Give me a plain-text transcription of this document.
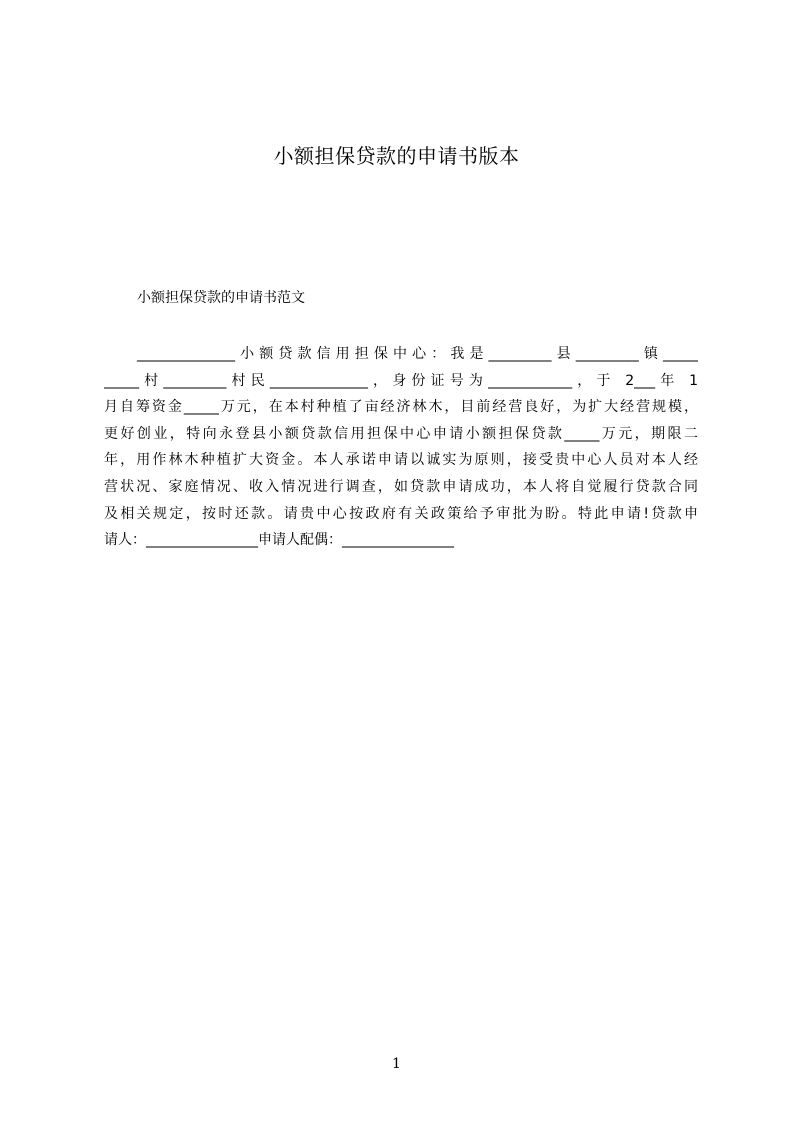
小额担保贷款的申请书版本
小额担保贷款的申请书范文
______________小额贷款信用担保中心：我是_________县_________镇_____
_____村_________村民______________，身份证号为____________，于 2___年 1
月自筹资金_____万元，在本村种植了亩经济林木，目前经营良好，为扩大经营规模，
更好创业，特向永登县小额贷款信用担保中心申请小额担保贷款_____万元，期限二
年，用作林木种植扩大资金。本人承诺申请以诚实为原则，接受贵中心人员对本人经
营状况、家庭情况、收入情况进行调查，如贷款申请成功，本人将自觉履行贷款合同
及相关规定，按时还款。请贵中心按政府有关政策给予审批为盼。特此申请!贷款申
请人：________________申请人配偶：________________
1
